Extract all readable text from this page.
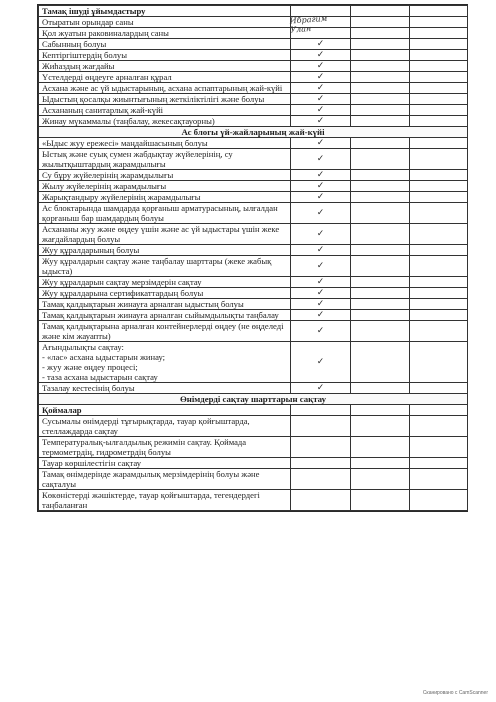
Тамақ ішуді ұйымдастыру			
Отыратын орындар саны			
Қол жуатын раковиналардың саны			
Сабынның болуы	✓		
Кептіргіштердің болуы	✓		
Жиһаздың жағдайы	✓		
Үстелдерді өңдеуге арналған құрал	✓		
Асхана және ас үй ыдыстарының, асхана аспаптарының жай-күйі	✓		
Ыдыстың қосалқы жиынтығының жеткіліктілігі және болуы	✓		
Асхананың санитарлық жай-күйі	✓		
Жинау мүкаммалы (таңбалау, жекесақтауорны)	✓		
Ас блогы үй-жайларының жай-күйі			
«Ыдыс жуу ережесі» маңдайшасының болуы	✓		
Ыстық және суық сумен жабдықтау жүйелерінің, су жылытқыштардың жарамдылығы	✓		
Су бұру жүйелерінің жарамдылығы	✓		
Жылу жүйелерінің жарамдылығы	✓		
Жарықтандыру жүйелерінің жарамдылығы	✓		
Ас блоктарында шамдарда қорғаныш арматурасының, ылғалдан қорғаныш бар шамдардың болуы	✓		
Асхананы жуу және өңдеу үшін және ас үй ыдыстары үшін жеке жағдайлардың болуы	✓		
Жуу құралдарының болуы	✓		
Жуу құралдарын сақтау және таңбалау шарттары (жеке жабық ыдыста)	✓		
Жуу құралдарын сақтау мерзімдерін сақтау	✓		
Жуу құралдарына сертификаттардың болуы	✓		
Тамақ қалдықтарын жинауға арналған ыдыстың болуы	✓		
Тамақ қалдықтарын жинауға арналған сыйымдылықты таңбалау	✓		
Тамақ қалдықтарына арналған контейнерлерді өңдеу (не өңделеді және кім жауапты)	✓		
Ағындылықты сақтау:
- «лас» асхана ыдыстарын жинау;
- жуу және өңдеу процесі;
- таза асхана ыдыстарын сақтау	✓		
Тазалау кестесінің болуы	✓		
Өнімдерді сақтау шарттарын сақтау			
Қоймалар			
Сусымалы өнімдерді тұғырықтарда, тауар қойғыштарда, стеллаждарда сақтау			
Температуралық-ылғалдылық режимін сақтау. Қоймада термометрдің, гидрометрдің болуы			
Тауар көршілестігін сақтау			
Тамақ өнімдерінде жарамдылық мерзімдерінің болуы және сақталуы			
Көкөністерді жәшіктерде, тауар қойғыштарда, тегендердегі таңбаланған			
Ибрагим
Улан
Сканировано с CamScanner
